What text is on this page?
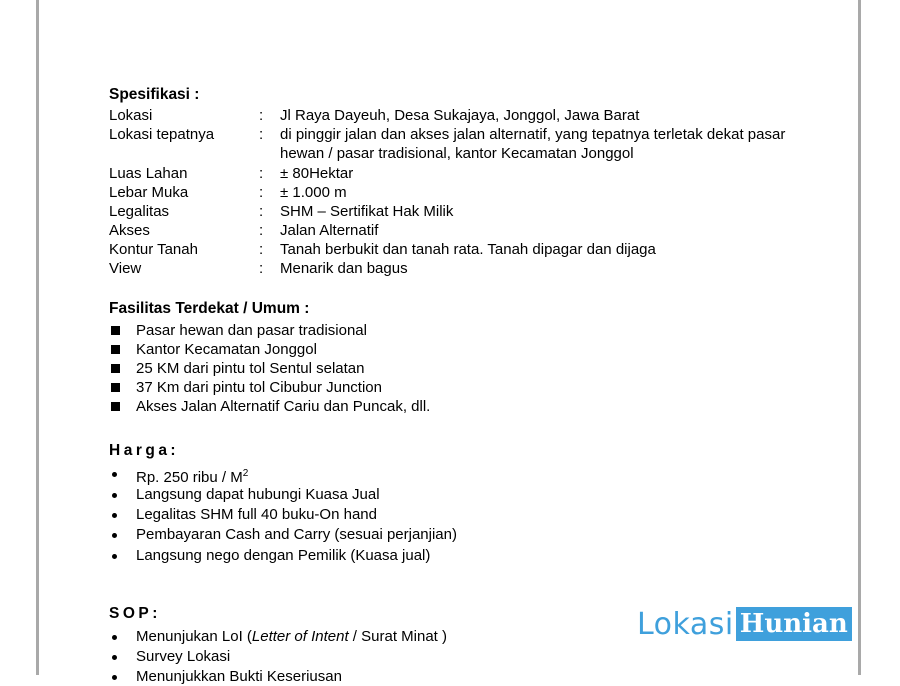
Spesifikasi :
Lokasi	: Jl Raya Dayeuh, Desa Sukajaya, Jonggol, Jawa Barat
Lokasi tepatnya	: di pinggir jalan dan akses jalan alternatif, yang tepatnya terletak dekat pasar hewan / pasar tradisional, kantor Kecamatan Jonggol
Luas Lahan	: ± 80Hektar
Lebar Muka	: ± 1.000 m
Legalitas	: SHM – Sertifikat Hak Milik
Akses	: Jalan Alternatif
Kontur Tanah	: Tanah berbukit dan tanah rata. Tanah dipagar dan dijaga
View	: Menarik dan bagus
Fasilitas Terdekat / Umum :
Pasar hewan dan pasar tradisional
Kantor Kecamatan Jonggol
25 KM dari pintu tol Sentul selatan
37 Km dari pintu tol Cibubur Junction
Akses Jalan Alternatif Cariu dan Puncak, dll.
Harga:
Rp. 250 ribu / $M^2$
Langsung dapat hubungi Kuasa Jual
Legalitas SHM full 40 buku-On hand
Pembayaran Cash and Carry (sesuai perjanjian)
Langsung nego dengan Pemilik (Kuasa jual)
SOP:
Menunjukan LoI (Letter of Intent / Surat Minat )
Survey Lokasi
Menunjukkan Bukti Keseriusan
Lokasi Hunian
